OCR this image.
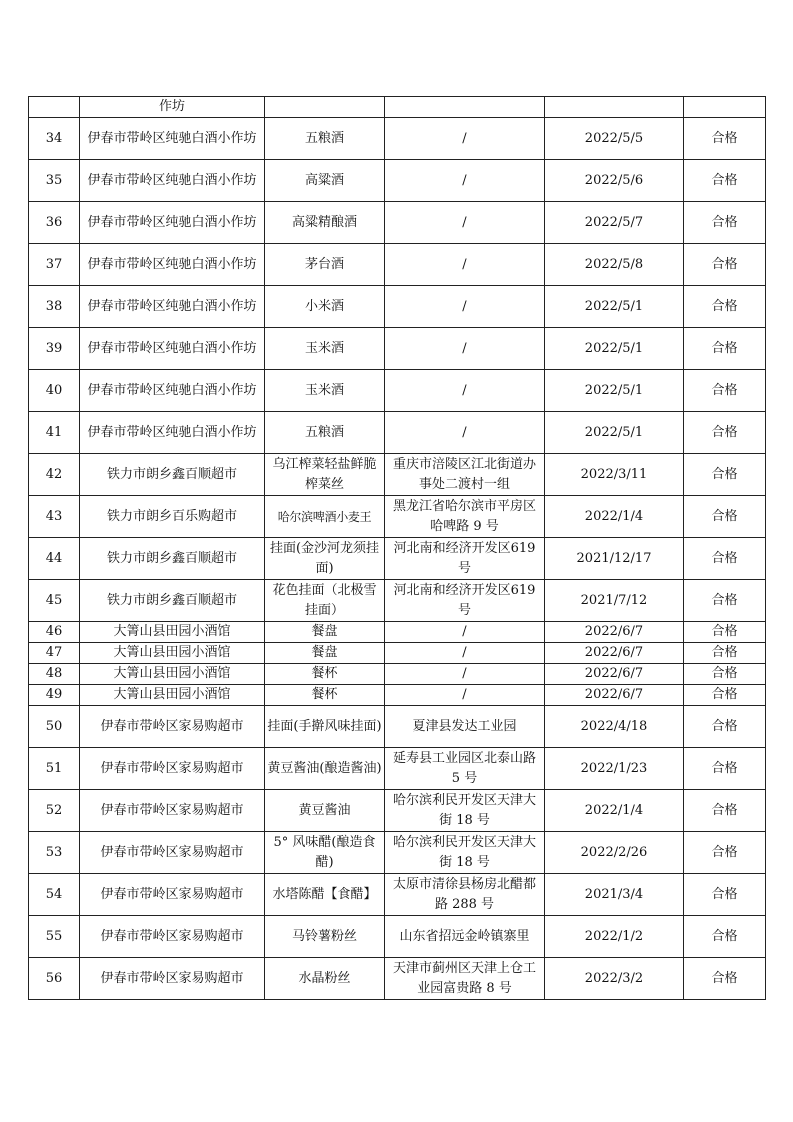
	作坊				
34	伊春市带岭区纯驰白酒小作坊	五粮酒	/	2022/5/5	合格
35	伊春市带岭区纯驰白酒小作坊	高粱酒	/	2022/5/6	合格
36	伊春市带岭区纯驰白酒小作坊	高粱精酿酒	/	2022/5/7	合格
37	伊春市带岭区纯驰白酒小作坊	茅台酒	/	2022/5/8	合格
38	伊春市带岭区纯驰白酒小作坊	小米酒	/	2022/5/1	合格
39	伊春市带岭区纯驰白酒小作坊	玉米酒	/	2022/5/1	合格
40	伊春市带岭区纯驰白酒小作坊	玉米酒	/	2022/5/1	合格
41	伊春市带岭区纯驰白酒小作坊	五粮酒	/	2022/5/1	合格
42	铁力市朗乡鑫百顺超市	乌江榨菜轻盐鲜脆榨菜丝	重庆市涪陵区江北街道办事处二渡村一组	2022/3/11	合格
43	铁力市朗乡百乐购超市	哈尔滨啤酒小麦王	黑龙江省哈尔滨市平房区哈啤路 9 号	2022/1/4	合格
44	铁力市朗乡鑫百顺超市	挂面(金沙河龙须挂面)	河北南和经济开发区619 号	2021/12/17	合格
45	铁力市朗乡鑫百顺超市	花色挂面（北极雪挂面）	河北南和经济开发区619 号	2021/7/12	合格
46	大箐山县田园小酒馆	餐盘	/	2022/6/7	合格
47	大箐山县田园小酒馆	餐盘	/	2022/6/7	合格
48	大箐山县田园小酒馆	餐杯	/	2022/6/7	合格
49	大箐山县田园小酒馆	餐杯	/	2022/6/7	合格
50	伊春市带岭区家易购超市	挂面(手擀风味挂面)	夏津县发达工业园	2022/4/18	合格
51	伊春市带岭区家易购超市	黄豆酱油(酿造酱油)	延寿县工业园区北泰山路 5 号	2022/1/23	合格
52	伊春市带岭区家易购超市	黄豆酱油	哈尔滨利民开发区天津大街 18 号	2022/1/4	合格
53	伊春市带岭区家易购超市	5° 风味醋(酿造食醋)	哈尔滨利民开发区天津大街 18 号	2022/2/26	合格
54	伊春市带岭区家易购超市	水塔陈醋【食醋】	太原市清徐县杨房北醋都路 288 号	2021/3/4	合格
55	伊春市带岭区家易购超市	马铃薯粉丝	山东省招远金岭镇寨里	2022/1/2	合格
56	伊春市带岭区家易购超市	水晶粉丝	天津市蓟州区天津上仓工业园富贵路 8 号	2022/3/2	合格
